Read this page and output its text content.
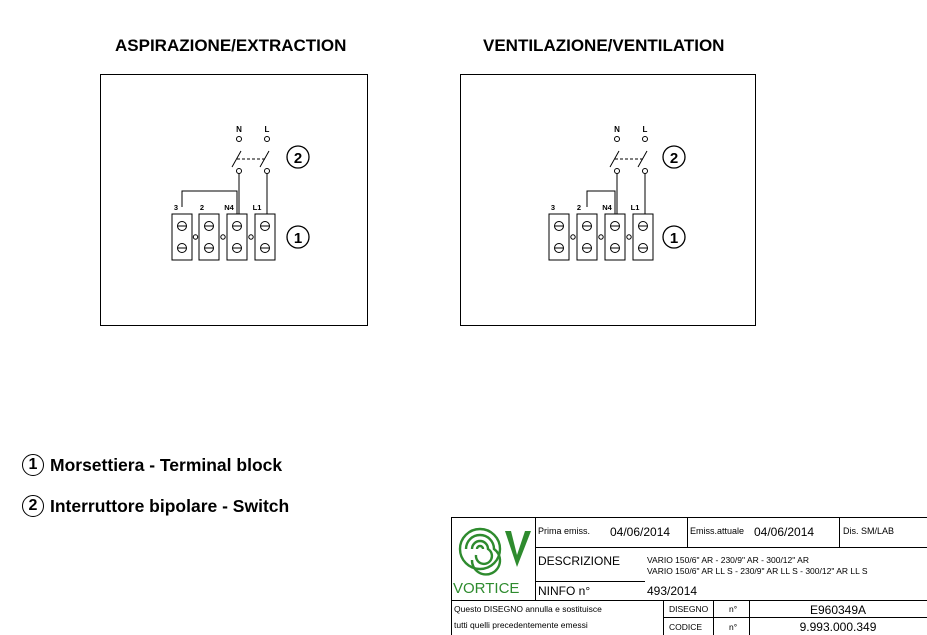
ASPIRAZIONE/EXTRACTION	VENTILAZIONE/VENTILATION
N	L
3	2	N4	L1
2
1
N	L
3	2	N4	L1
2
1
1 Morsettiera - Terminal block
2 Interruttore bipolare - Switch
VORTICE
Prima emiss. 04/06/2014 Emiss.attuale 04/06/2014	Dis. SM/LAB
DESCRIZIONE	VARIO 150/6" AR - 230/9" AR - 300/12" AR
VARIO 150/6" AR LL S - 230/9" AR LL S - 300/12" AR LL S
NINFO n°	493/2014
Questo DISEGNO annulla e sostituisce
tutti quelli precedentemente emessi
DISEGNO n°	E960349A
CODICE	n°	9.993.000.349
